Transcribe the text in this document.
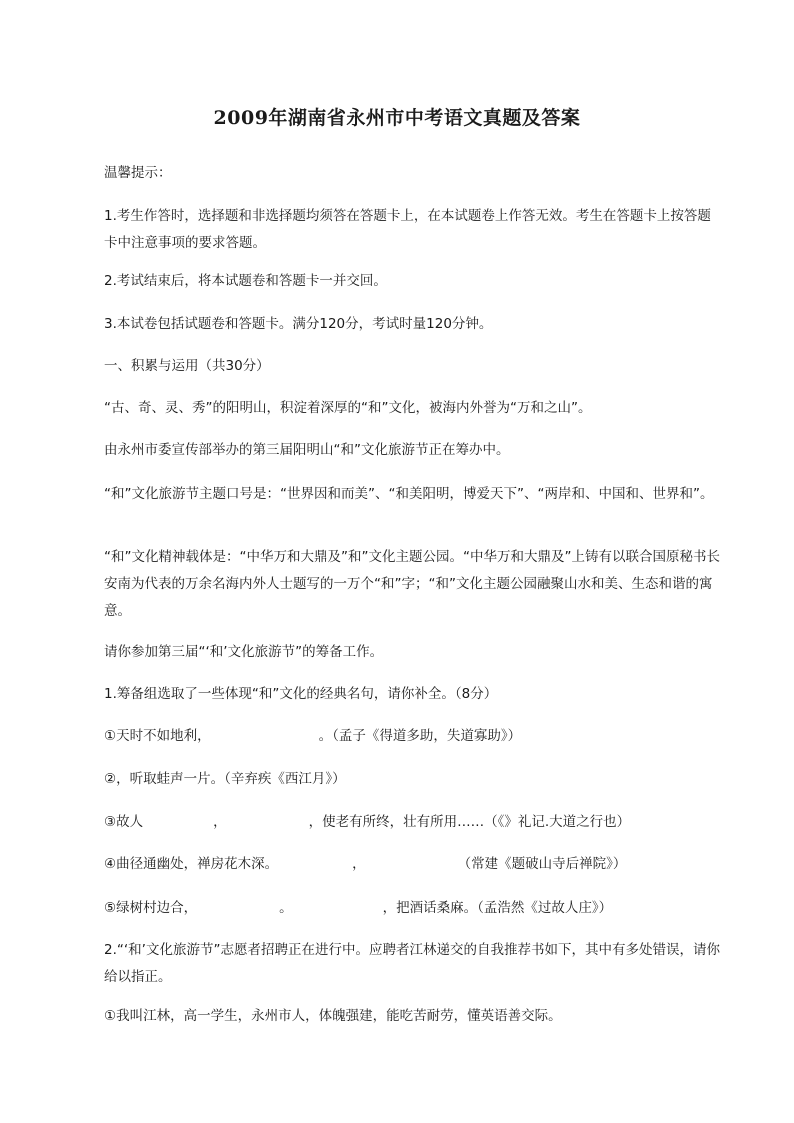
2009年湖南省永州市中考语文真题及答案

温馨提示：

1.考生作答时，选择题和非选择题均须答在答题卡上，在本试题卷上作答无效。考生在答题卡上按答题卡中注意事项的要求答题。

2.考试结束后，将本试题卷和答题卡一并交回。

3.本试卷包括试题卷和答题卡。满分120分，考试时量120分钟。

一、积累与运用（共30分）

“古、奇、灵、秀”的阳明山，积淀着深厚的“和”文化，被海内外誉为“万和之山”。

由永州市委宣传部举办的第三届阳明山“和”文化旅游节正在筹办中。

“和”文化旅游节主题口号是：“世界因和而美”、“和美阳明，博爱天下”、“两岸和、中国和、世界和”。

“和”文化精神载体是：“中华万和大鼎及”和”文化主题公园。“中华万和大鼎及”上铸有以联合国原秘书长安南为代表的万余名海内外人士题写的一万个“和”字；“和”文化主题公园融聚山水和美、生态和谐的寓意。

请你参加第三届“‘和’文化旅游节”的筹备工作。

1.筹备组选取了一些体现“和”文化的经典名句，请你补全。（8分）

①天时不如地利，	。（孟子《得道多助，失道寡助》）
②，听取蛙声一片。（辛弃疾《西江月》）
③故人	，	，使老有所终，壮有所用……（《》礼记.大道之行也）
④曲径通幽处，禅房花木深。	，	（常建《题破山寺后禅院》）
⑤绿树村边合，	。	，把酒话桑麻。（孟浩然《过故人庄》）

2.“‘和’文化旅游节”志愿者招聘正在进行中。应聘者江林递交的自我推荐书如下，其中有多处错误，请你给以指正。

①我叫江林，高一学生，永州市人，体魄强建，能吃苦耐劳，懂英语善交际。
